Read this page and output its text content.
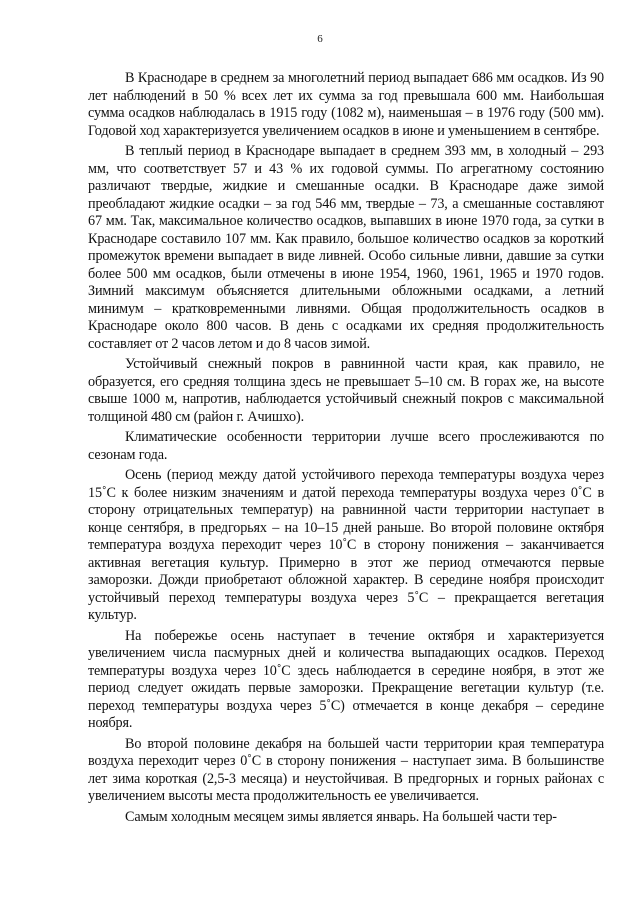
6

В Краснодаре в среднем за многолетний период выпадает 686 мм осадков. Из 90 лет наблюдений в 50 % всех лет их сумма за год превышала 600 мм. Наибольшая сумма осадков наблюдалась в 1915 году (1082 м), наименьшая – в 1976 году (500 мм). Годовой ход характеризуется увеличением осадков в июне и уменьшением в сентябре.

В теплый период в Краснодаре выпадает в среднем 393 мм, в холодный – 293 мм, что соответствует 57 и 43 % их годовой суммы. По агрегатному состоянию различают твердые, жидкие и смешанные осадки. В Краснодаре даже зимой преобладают жидкие осадки – за год 546 мм, твердые – 73, а смешанные составляют 67 мм. Так, максимальное количество осадков, выпавших в июне 1970 года, за сутки в Краснодаре составило 107 мм. Как правило, большое количество осадков за короткий промежуток времени выпадает в виде ливней. Особо сильные ливни, давшие за сутки более 500 мм осадков, были отмечены в июне 1954, 1960, 1961, 1965 и 1970 годов. Зимний максимум объясняется длительными обложными осадками, а летний минимум – кратковременными ливнями. Общая продолжительность осадков в Краснодаре около 800 часов. В день с осадками их средняя продолжительность составляет от 2 часов летом и до 8 часов зимой.

Устойчивый снежный покров в равнинной части края, как правило, не образуется, его средняя толщина здесь не превышает 5–10 см. В горах же, на высоте свыше 1000 м, напротив, наблюдается устойчивый снежный покров с максимальной толщиной 480 см (район г. Ачишхо).

Климатические особенности территории лучше всего прослеживаются по сезонам года.

Осень (период между датой устойчивого перехода температуры воздуха через 15˚С к более низким значениям и датой перехода температуры воздуха через 0˚С в сторону отрицательных температур) на равнинной части территории наступает в конце сентября, в предгорьях – на 10–15 дней раньше. Во второй половине октября температура воздуха переходит через 10˚С в сторону понижения – заканчивается активная вегетация культур. Примерно в этот же период отмечаются первые заморозки. Дожди приобретают обложной характер. В середине ноября происходит устойчивый переход температуры воздуха через 5˚С – прекращается вегетация культур.

На побережье осень наступает в течение октября и характеризуется увеличением числа пасмурных дней и количества выпадающих осадков. Переход температуры воздуха через 10˚С здесь наблюдается в середине ноября, в этот же период следует ожидать первые заморозки. Прекращение вегетации культур (т.е. переход температуры воздуха через 5˚С) отмечается в конце декабря – середине ноября.

Во второй половине декабря на большей части территории края температура воздуха переходит через 0˚С в сторону понижения – наступает зима. В большинстве лет зима короткая (2,5-3 месяца) и неустойчивая. В предгорных и горных районах с увеличением высоты места продолжительность ее увеличивается.

Самым холодным месяцем зимы является январь. На большей части тер-
